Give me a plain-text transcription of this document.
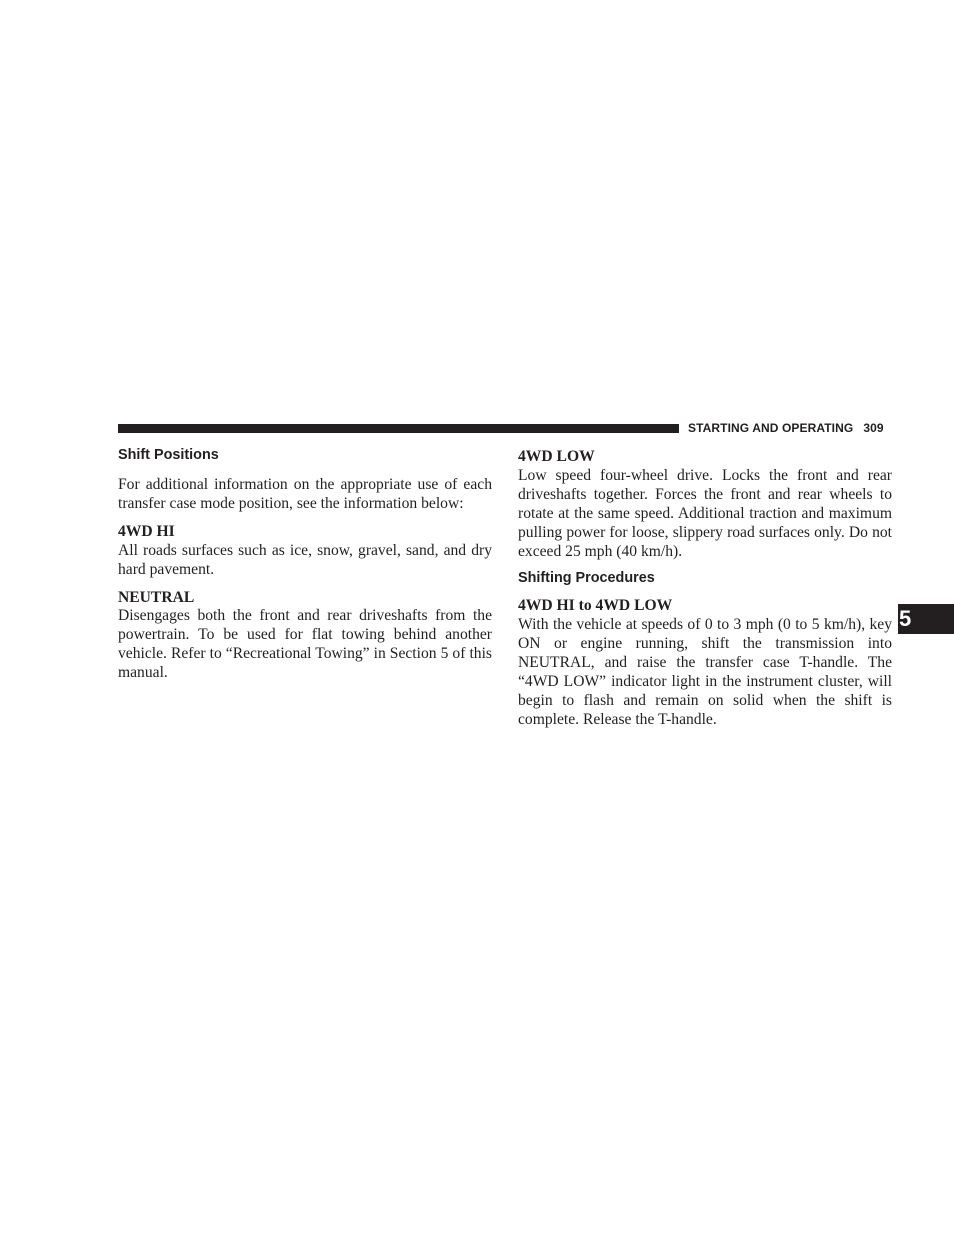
STARTING AND OPERATING 309
Shift Positions

For additional information on the appropriate use of each transfer case mode position, see the information below:

4WD HI

All roads surfaces such as ice, snow, gravel, sand, and dry hard pavement.

NEUTRAL

Disengages both the front and rear driveshafts from the powertrain. To be used for flat towing behind another vehicle. Refer to “Recreational Towing” in Section 5 of this manual.

4WD LOW

Low speed four-wheel drive. Locks the front and rear driveshafts together. Forces the front and rear wheels to rotate at the same speed. Additional traction and maximum pulling power for loose, slippery road surfaces only. Do not exceed 25 mph (40 km/h).

Shifting Procedures
4WD HI to 4WD LOW

With the vehicle at speeds of 0 to 3 mph (0 to 5 km/h), key ON or engine running, shift the transmission into NEUTRAL, and raise the transfer case T-handle. The “4WD LOW” indicator light in the instrument cluster, will begin to flash and remain on solid when the shift is complete. Release the T-handle.

5
